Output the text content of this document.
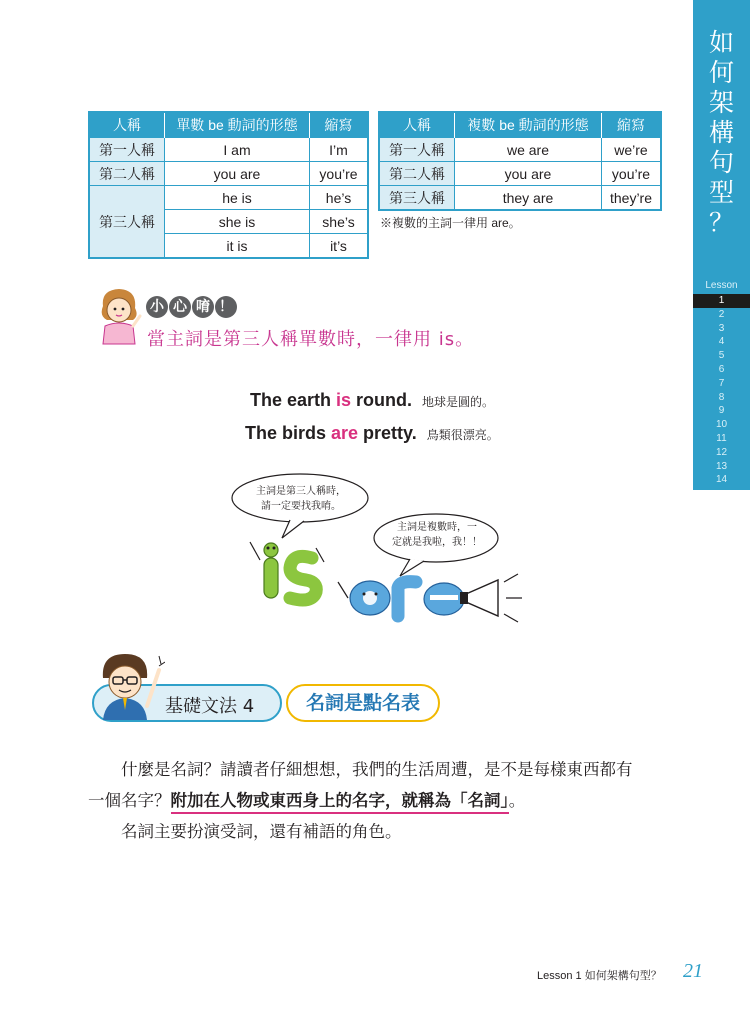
如
何
架
構
句
型
？
Lesson
1
2
3
4
5
6
7
8
9
10
11
12
13
14
人稱	單數 be 動詞的形態	縮寫
第一人稱	I am	I’m
第二人稱	you are	you’re
第三人稱	he is	he’s
	she is	she’s
	it is	it’s
人稱	複數 be 動詞的形態	縮寫
第一人稱	we are	we’re
第二人稱	you are	you’re
第三人稱	they are	they’re
※複數的主詞一律用 are。
小 心 唷 ！
當主詞是第三人稱單數時，一律用 is。
The earth is round. 地球是圓的。
The birds are pretty. 鳥類很漂亮。
主詞是第三人稱時，
請一定要找我唷。
主詞是複數時，一
定就是我啦，我！！
基礎文法 4	名詞是點名表
什麼是名詞？請讀者仔細想想，我們的生活周遭，是不是每樣東西都有
一個名字？附加在人物或東西身上的名字，就稱為「名詞」。
名詞主要扮演受詞，還有補語的角色。
Lesson 1 如何架構句型？ 21
